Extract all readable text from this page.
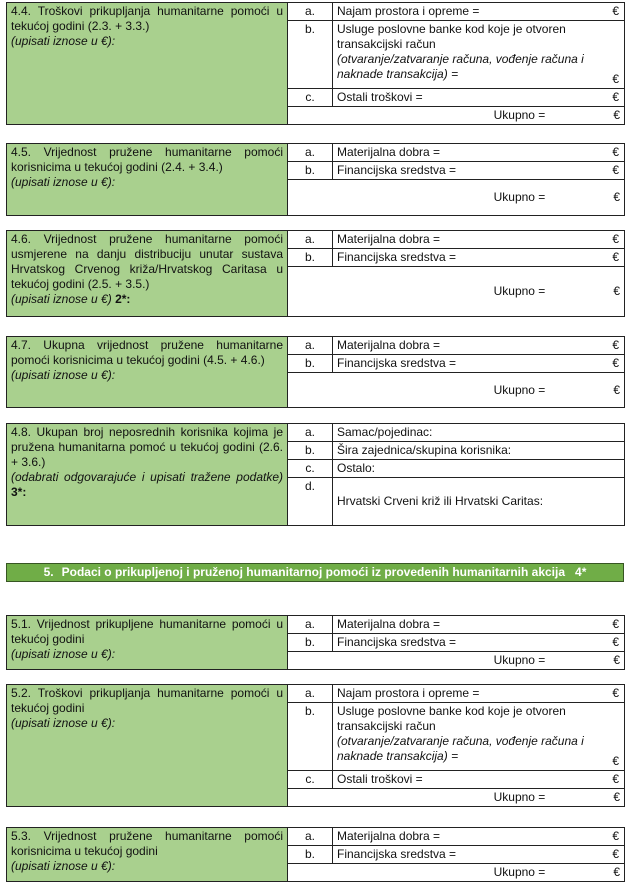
4.4. Troškovi prikupljanja humanitarne pomoći u tekućoj godini (2.3. + 3.3.)
(upisati iznose u €):	a.	Najam prostora i opreme = €

	b.	Usluge poslovne banke kod koje je otvoren transakcijski račun
(otvaranje/zatvaranje računa, vođenje računa i naknade transakcija) = €

	c.	Ostali troškovi = €

	Ukupno = €	
4.5. Vrijednost pružene humanitarne pomoći korisnicima u tekućoj godini (2.4. + 3.4.)
(upisati iznose u €):	a.	Materijalna dobra = €

	b.	Financijska sredstva = €

	Ukupno = €	
4.6. Vrijednost pružene humanitarne pomoći usmjerene na danju distribuciju unutar sustava Hrvatskog Crvenog križa/Hrvatskog Caritasa u tekućoj godini (2.5. + 3.5.)
(upisati iznose u €) 2*:	a.	Materijalna dobra = €

	b.	Financijska sredstva = €

	Ukupno = €	
4.7. Ukupna vrijednost pružene humanitarne pomoći korisnicima u tekućoj godini (4.5. + 4.6.)
(upisati iznose u €):	a.	Materijalna dobra = €

	b.	Financijska sredstva = €

	Ukupno = €	
4.8. Ukupan broj neposrednih korisnika kojima je pružena humanitarna pomoć u tekućoj godini (2.6. + 3.6.)
(odabrati odgovarajuće i upisati tražene podatke) 3*:	a.	Samac/pojedinac:
	b.	Šira zajednica/skupina korisnika:
	c.	Ostalo:
	d.	Hrvatski Crveni križ ili Hrvatski Caritas:
5. Podaci o prikupljenoj i pruženoj humanitarnoj pomoći iz provedenih humanitarnih akcija 4*
5.1. Vrijednost prikupljene humanitarne pomoći u tekućoj godini
(upisati iznose u €):	a.	Materijalna dobra = €

	b.	Financijska sredstva = €

	Ukupno = €	
5.2. Troškovi prikupljanja humanitarne pomoći u tekućoj godini
(upisati iznose u €):	a.	Najam prostora i opreme = €

	b.	Usluge poslovne banke kod koje je otvoren transakcijski račun
(otvaranje/zatvaranje računa, vođenje računa i naknade transakcija) = €

	c.	Ostali troškovi = €

	Ukupno = €	
5.3. Vrijednost pružene humanitarne pomoći korisnicima u tekućoj godini
(upisati iznose u €):	a.	Materijalna dobra = €

	b.	Financijska sredstva = €

	Ukupno = €	
